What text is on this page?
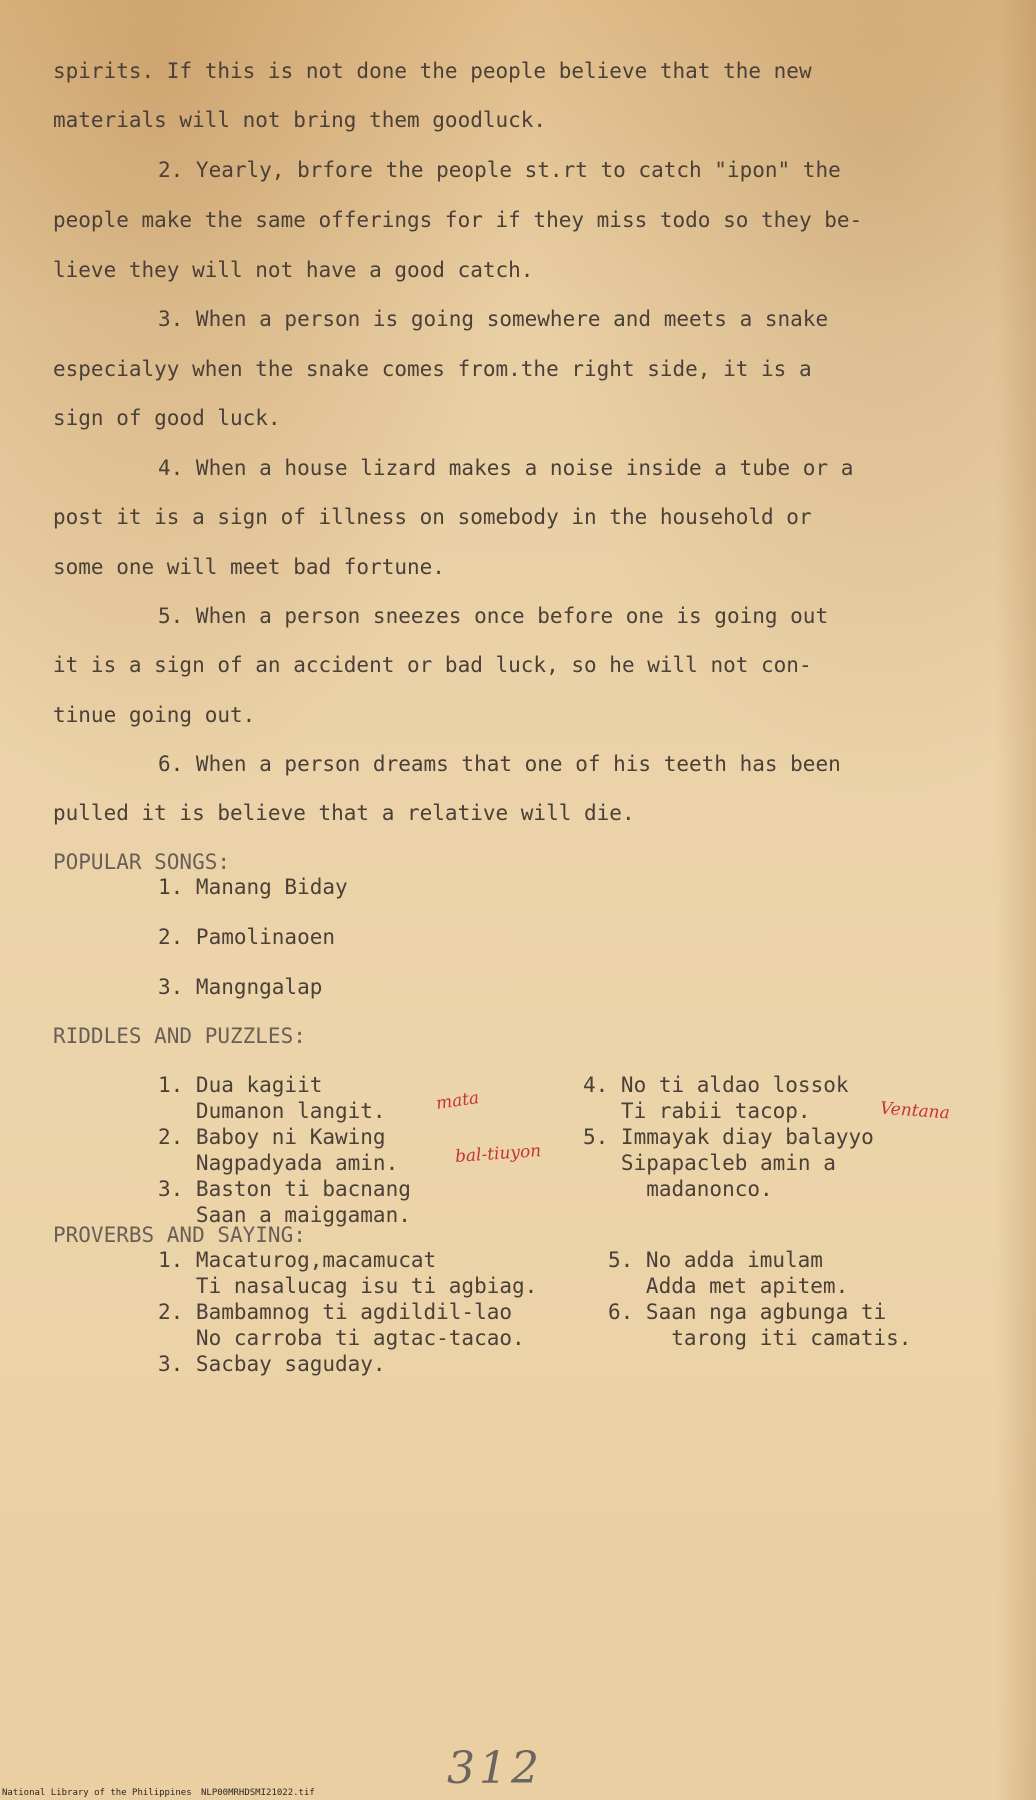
spirits. If this is not done the people believe that the new

materials will not bring them goodluck.

2. Yearly, brfore the people st.rt to catch "ipon" the

people make the same offerings for if they miss todo so they be-

lieve they will not have a good catch.

3. When a person is going somewhere and meets a snake

especialyy when the snake comes from.the right side, it is a

sign of good luck.

4. When a house lizard makes a noise inside a tube or a

post it is a sign of illness on somebody in the household or

some one will meet bad fortune.

5. When a person sneezes once before one is going out

it is a sign of an accident or bad luck, so he will not con-

tinue going out.

6. When a person dreams that one of his teeth has been

pulled it is believe that a relative will die.

POPULAR SONGS:

1. Manang Biday

2. Pamolinaoen

3. Mangngalap

RIDDLES AND PUZZLES:

1. Dua kagiit

Dumanon langit.

2. Baboy ni Kawing

Nagpadyada amin.

3. Baston ti bacnang

Saan a maiggaman.

4. No ti aldao lossok

Ti rabii tacop.

5. Immayak diay balayyo

Sipapacleb amin a

madanonco.

mata
bal-tiuyon
Ventana

PROVERBS AND SAYING:

1. Macaturog,macamucat

Ti nasalucag isu ti agbiag.

2. Bambamnog ti agdildil-lao

No carroba ti agtac-tacao.

3. Sacbay saguday.

5. No adda imulam

Adda met apitem.

6. Saan nga agbunga ti

tarong iti camatis.

312
National Library of the Philippines NLP00MRHDSMI21022.tif
